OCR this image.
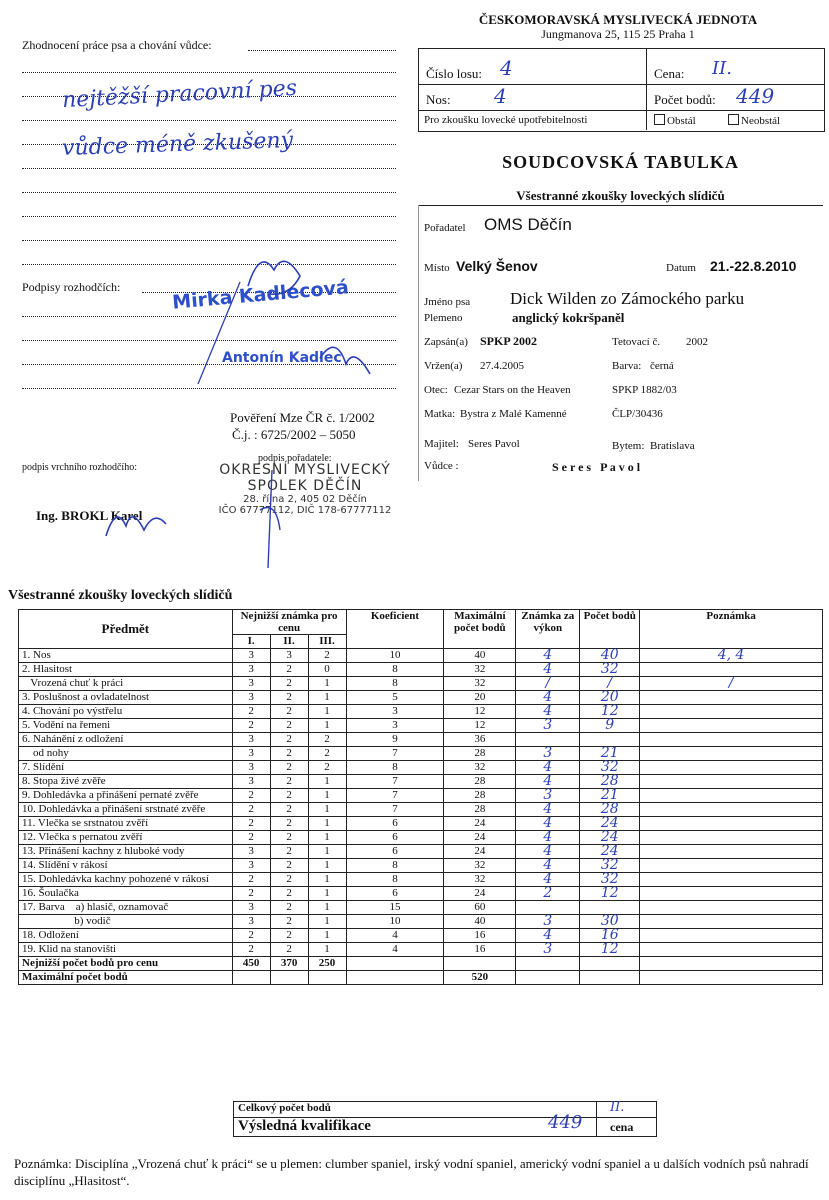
Zhodnocení práce psa a chování vůdce:
nejtěžší pracovní pes
vůdce méně zkušený
Podpisy rozhodčích:	Mirka Kadlecová
Antonín Kadlec
Pověření Mze ČR č. 1/2002
Č.j. : 6725/2002 – 5050
podpis vrchního rozhodčího:
Ing. BROKL Karel
podpis pořadatele:
OKRESNÍ MYSLIVECKÝ
SPOLEK DĚČÍN
28. října 2, 405 02 Děčín
IČO 67777112, DIČ 178-67777112
ČESKOMORAVSKÁ MYSLIVECKÁ JEDNOTA
Jungmanova 25, 115 25 Praha 1
Číslo losu: 4	Cena: II.
Nos: 4	Počet bodů: 449
Pro zkoušku lovecké upotřebitelnosti	Obstál	Neobstál
SOUDCOVSKÁ TABULKA
Všestranné zkoušky loveckých slídičů
Pořadatel OMS Děčín
Místo Velký Šenov	Datum 21.-22.8.2010
Jméno psa Dick Wilden zo Zámockého parku
Plemeno	anglický kokršpaněl
Zapsán(a) SPKP 2002	Tetovací č. 2002
Vržen(a) 27.4.2005	Barva: černá
Otec: Cezar Stars on the Heaven	SPKP 1882/03
Matka: Bystra z Malé Kamenné	ČLP/30436
Majitel: Seres Pavol	Bytem: Bratislava
Vůdce :	S e r e s   P a v o l
Všestranné zkoušky loveckých slídičů
Předmět	Nejnižší známka pro cenu			Koeficient	Maximální počet bodů	Známka za výkon	Počet bodů	Poznámka
	I.	II.	III.					
1. Nos	3	3	2	10	40	4	40	4, 4
2. Hlasitost	3	2	0	8	32	4	32	
Vrozená chuť k práci	3	2	1	8	32	/	/	/
3. Poslušnost a ovladatelnost	3	2	1	5	20	4	20	
4. Chování po výstřelu	2	2	1	3	12	4	12	
5. Vodění na řemeni	2	2	1	3	12	3	9	
6. Nahánění z odložení	3	2	2	9	36			
od nohy	3	2	2	7	28	3	21	
7. Slídění	3	2	2	8	32	4	32	
8. Stopa živé zvěře	3	2	1	7	28	4	28	
9. Dohledávka a přinášení pernaté zvěře	2	2	1	7	28	3	21	
10. Dohledávka a přinášení srstnaté zvěře	2	2	1	7	28	4	28	
11. Vlečka se srstnatou zvěří	2	2	1	6	24	4	24	
12. Vlečka s pernatou zvěří	2	2	1	6	24	4	24	
13. Přinášení kachny z hluboké vody	3	2	1	6	24	4	24	
14. Slídění v rákosí	3	2	1	8	32	4	32	
15. Dohledávka kachny pohozené v rákosí	2	2	1	8	32	4	32	
16. Šoulačka	2	2	1	6	24	2	12	
17. Barva    a) hlasič, oznamovač	3	2	1	15	60			
b) vodič	3	2	1	10	40	3	30	
18. Odložení	2	2	1	4	16	4	16	
19. Klid na stanovišti	2	2	1	4	16	3	12	
Nejnižší počet bodů pro cenu	450	370	250					
Maximální počet bodů					520			
Celkový počet bodů	II.
Výsledná kvalifikace	449 cena
Poznámka: Disciplína „Vrozená chuť k práci“ se u plemen: clumber spaniel, irský vodní spaniel, americký vodní spaniel a u dalších vodních psů nahradí disciplínu „Hlasitost“.
